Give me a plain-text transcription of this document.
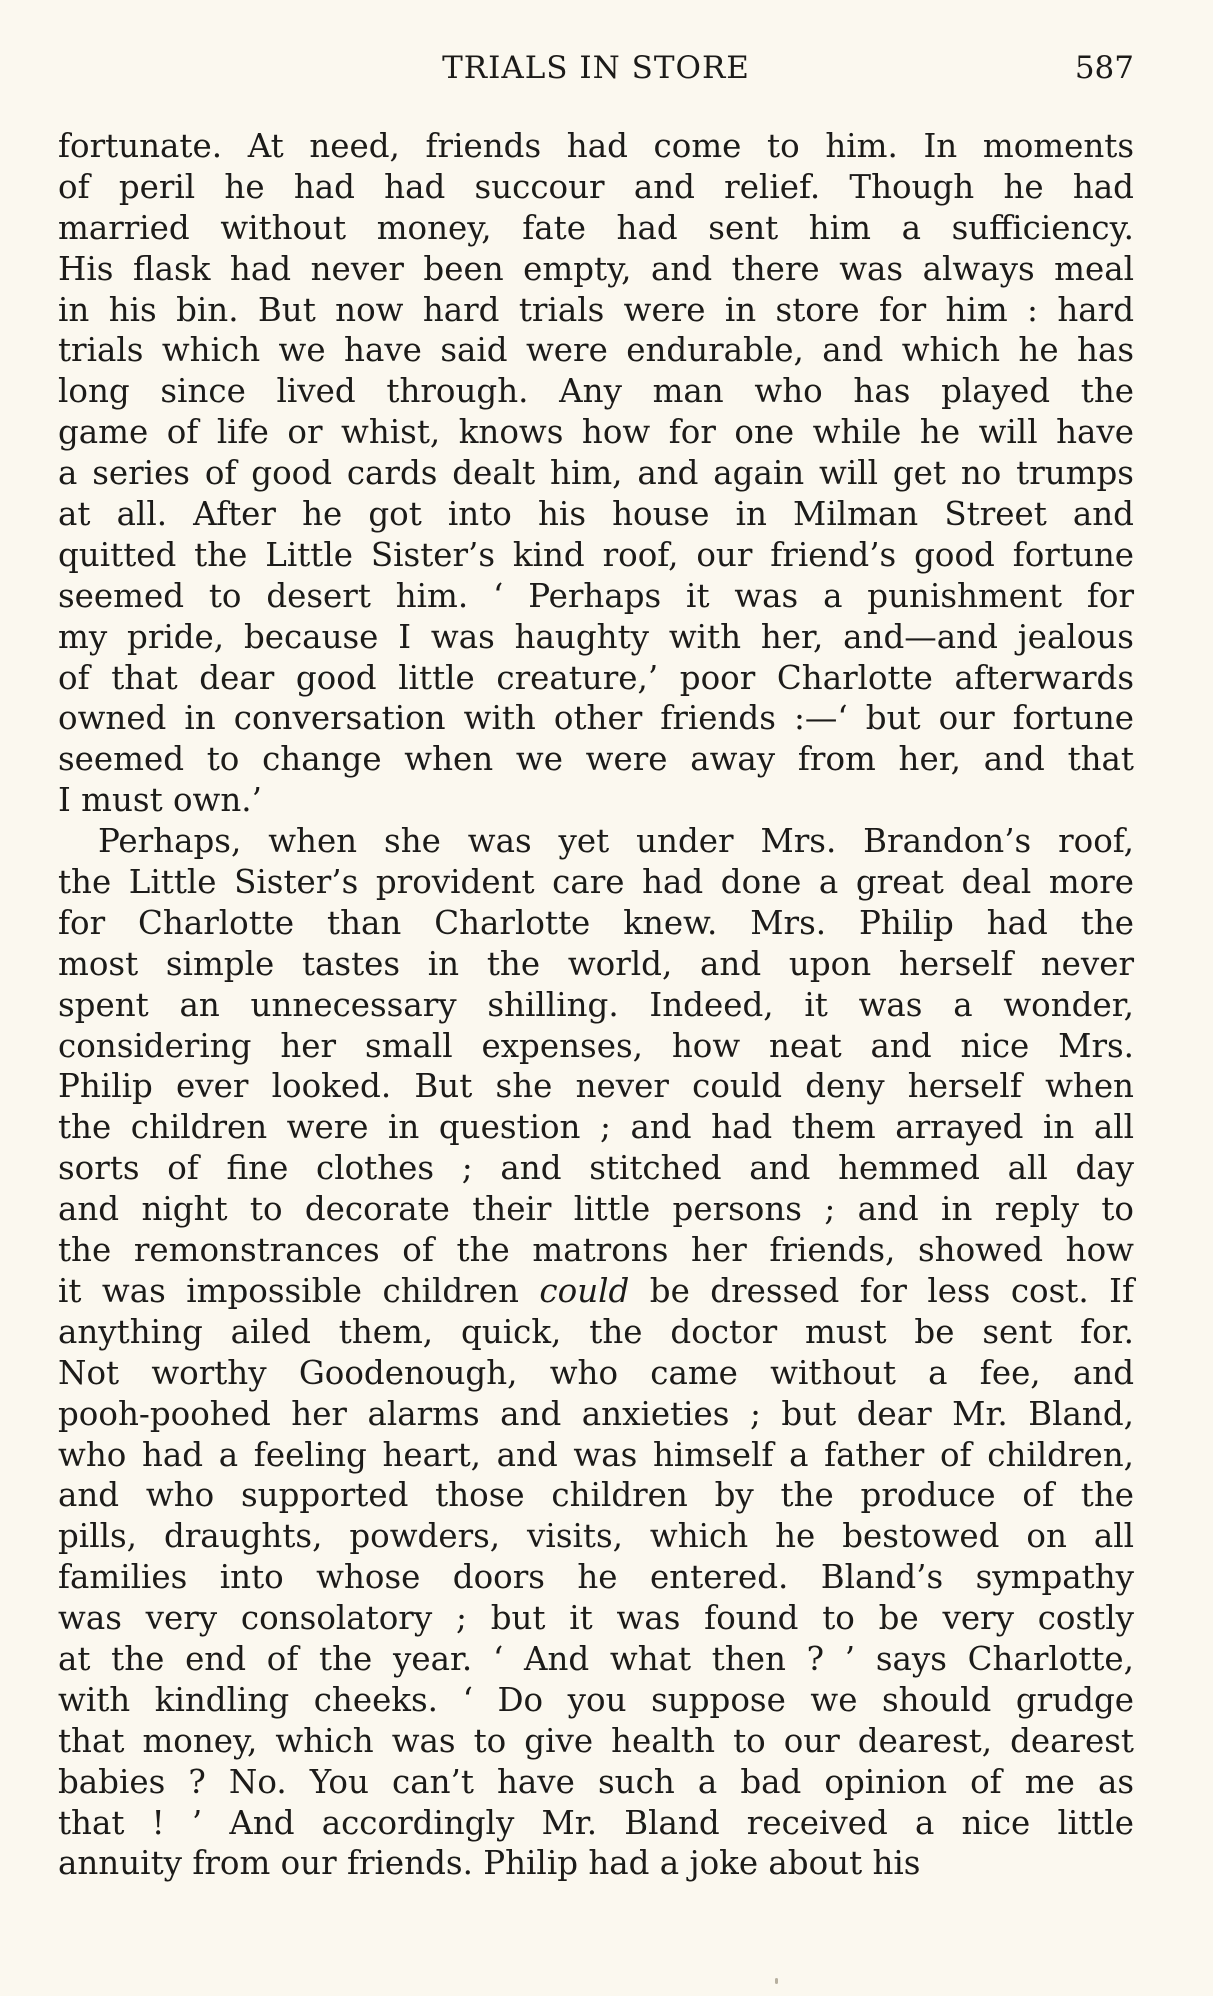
TRIALS IN STORE	587
fortunate. At need, friends had come to him. In moments
of peril he had had succour and relief. Though he had
married without money, fate had sent him a sufficiency.
His flask had never been empty, and there was always meal
in his bin. But now hard trials were in store for him : hard
trials which we have said were endurable, and which he has
long since lived through. Any man who has played the
game of life or whist, knows how for one while he will have
a series of good cards dealt him, and again will get no trumps
at all. After he got into his house in Milman Street and
quitted the Little Sister’s kind roof, our friend’s good fortune
seemed to desert him. ‘ Perhaps it was a punishment for
my pride, because I was haughty with her, and—and jealous
of that dear good little creature,’ poor Charlotte afterwards
owned in conversation with other friends :—‘ but our fortune
seemed to change when we were away from her, and that
I must own.’
Perhaps, when she was yet under Mrs. Brandon’s roof,
the Little Sister’s provident care had done a great deal more
for Charlotte than Charlotte knew. Mrs. Philip had the
most simple tastes in the world, and upon herself never
spent an unnecessary shilling. Indeed, it was a wonder,
considering her small expenses, how neat and nice Mrs.
Philip ever looked. But she never could deny herself when
the children were in question ; and had them arrayed in all
sorts of fine clothes ; and stitched and hemmed all day
and night to decorate their little persons ; and in reply to
the remonstrances of the matrons her friends, showed how
it was impossible children could be dressed for less cost. If
anything ailed them, quick, the doctor must be sent for.
Not worthy Goodenough, who came without a fee, and
pooh-poohed her alarms and anxieties ; but dear Mr. Bland,
who had a feeling heart, and was himself a father of children,
and who supported those children by the produce of the
pills, draughts, powders, visits, which he bestowed on all
families into whose doors he entered. Bland’s sympathy
was very consolatory ; but it was found to be very costly
at the end of the year. ‘ And what then ? ’ says Charlotte,
with kindling cheeks. ‘ Do you suppose we should grudge
that money, which was to give health to our dearest, dearest
babies ? No. You can’t have such a bad opinion of me as
that ! ’ And accordingly Mr. Bland received a nice little
annuity from our friends. Philip had a joke about his
